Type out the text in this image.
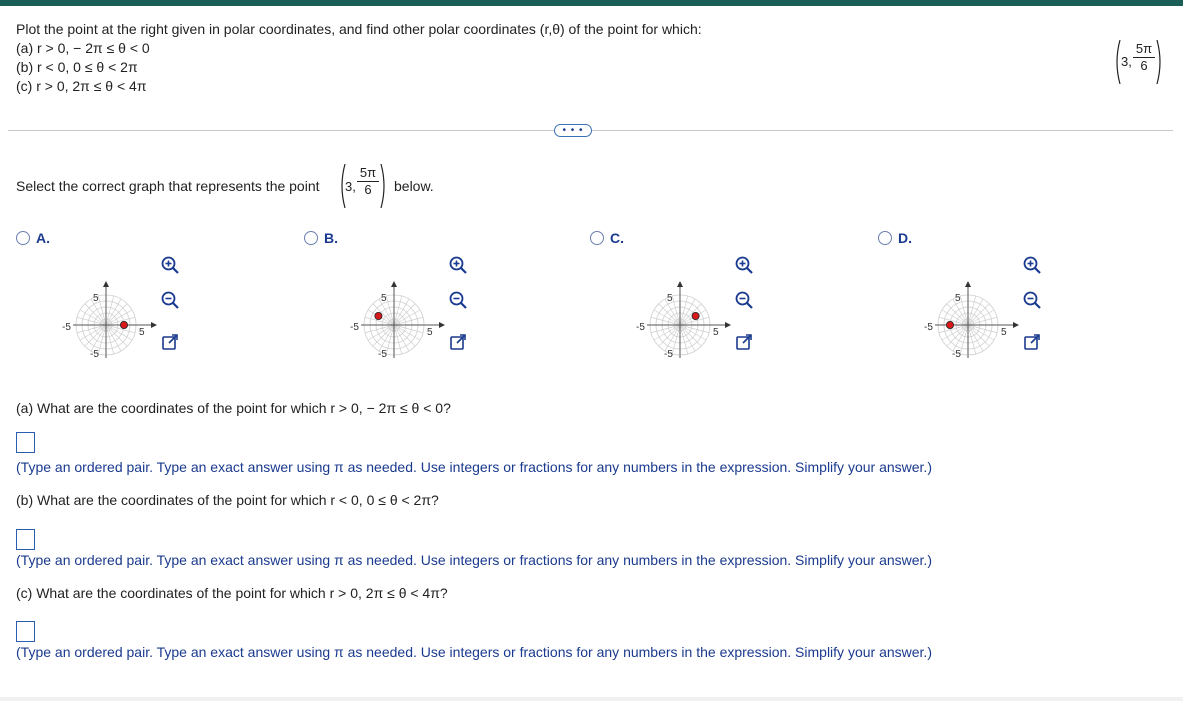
Plot the point at the right given in polar coordinates, and find other polar coordinates (r,θ) of the point for which:
(a) r > 0, − 2π ≤ θ < 0
(b) r < 0, 0 ≤ θ < 2π
(c) r > 0, 2π ≤ θ < 4π
3,
5π
6
• • •
Select the correct graph that represents the point 3,
5π
6 below.
A.
5
-5
-5	5
B.
5
-5
-5	5
C.
5
-5
-5	5
D.
5
-5
-5	5
(a) What are the coordinates of the point for which r > 0, − 2π ≤ θ < 0?
(Type an ordered pair. Type an exact answer using π as needed. Use integers or fractions for any numbers in the expression. Simplify your answer.)
(b) What are the coordinates of the point for which r < 0, 0 ≤ θ < 2π?
(Type an ordered pair. Type an exact answer using π as needed. Use integers or fractions for any numbers in the expression. Simplify your answer.)
(c) What are the coordinates of the point for which r > 0, 2π ≤ θ < 4π?
(Type an ordered pair. Type an exact answer using π as needed. Use integers or fractions for any numbers in the expression. Simplify your answer.)
